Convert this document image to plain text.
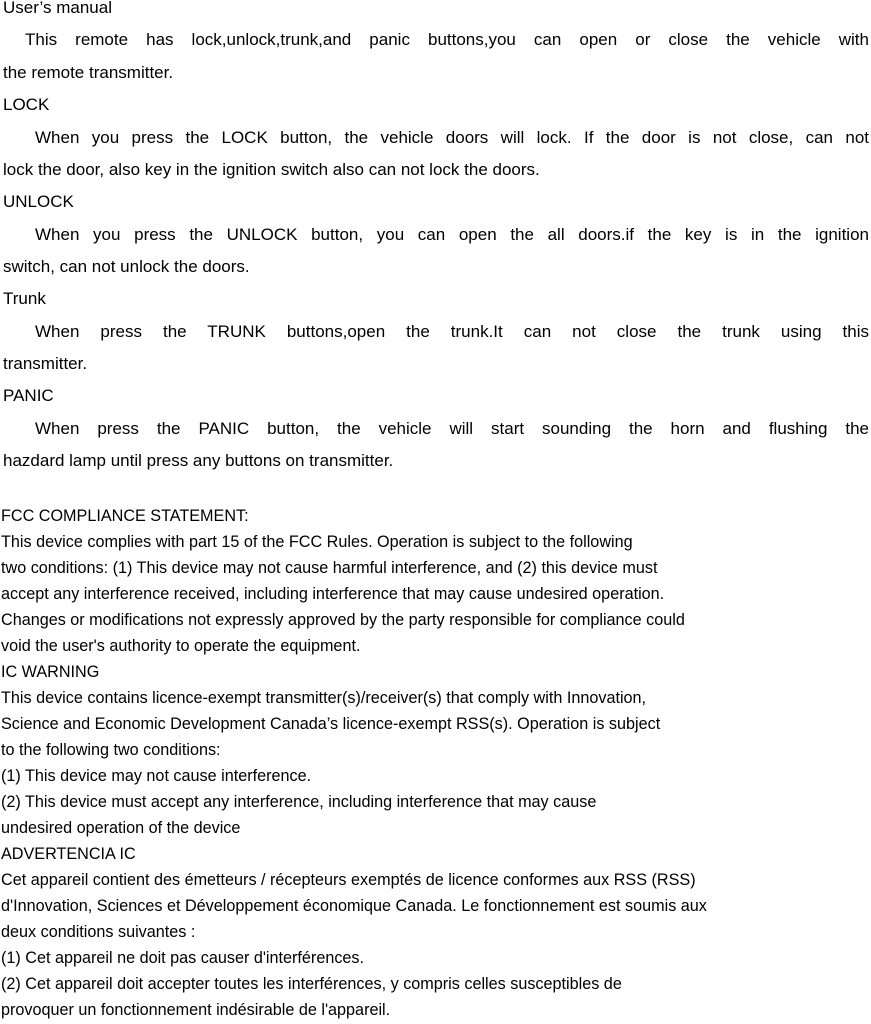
User’s manual
This remote has lock,unlock,trunk,and panic buttons,you can open or close the vehicle with
the remote transmitter.
LOCK
When you press the LOCK button, the vehicle doors will lock. If the door is not close, can not
lock the door, also key in the ignition switch also can not lock the doors.
UNLOCK
When you press the UNLOCK button, you can open the all doors.if the key is in the ignition
switch, can not unlock the doors.
Trunk
When press the TRUNK buttons,open the trunk.It can not close the trunk using this
transmitter.
PANIC
When press the PANIC button, the vehicle will start sounding the horn and flushing the
hazdard lamp until press any buttons on transmitter.
FCC COMPLIANCE STATEMENT:
This device complies with part 15 of the FCC Rules. Operation is subject to the following
two conditions: (1) This device may not cause harmful interference, and (2) this device must
accept any interference received, including interference that may cause undesired operation.
Changes or modifications not expressly approved by the party responsible for compliance could
void the user's authority to operate the equipment.
IC WARNING
This device contains licence-exempt transmitter(s)/receiver(s) that comply with Innovation,
Science and Economic Development Canada’s licence-exempt RSS(s). Operation is subject
to the following two conditions:
(1) This device may not cause interference.
(2) This device must accept any interference, including interference that may cause
undesired operation of the device
ADVERTENCIA IC
Cet appareil contient des émetteurs / récepteurs exemptés de licence conformes aux RSS (RSS)
d'Innovation, Sciences et Développement économique Canada. Le fonctionnement est soumis aux
deux conditions suivantes :
(1) Cet appareil ne doit pas causer d'interférences.
(2) Cet appareil doit accepter toutes les interférences, y compris celles susceptibles de
provoquer un fonctionnement indésirable de l'appareil.
